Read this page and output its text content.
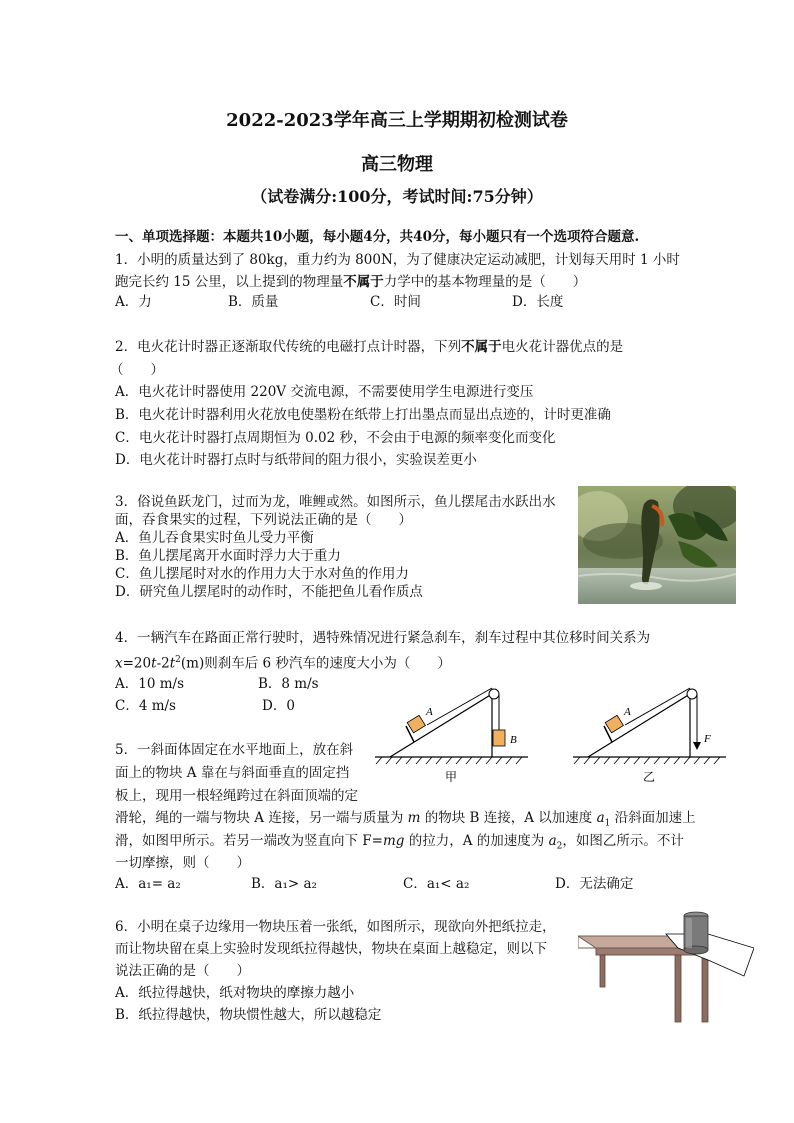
2022-2023学年高三上学期期初检测试卷
高三物理
（试卷满分:100分，考试时间:75分钟）
一、单项选择题：本题共10小题，每小题4分，共40分，每小题只有一个选项符合题意.
1．小明的质量达到了 80kg，重力约为 800N，为了健康决定运动减肥，计划每天用时 1 小时
跑完长约 15 公里，以上提到的物理量不属于力学中的基本物理量的是（　　）
A．力	B．质量	C．时间	D．长度
2．电火花计时器正逐渐取代传统的电磁打点计时器，下列不属于电火花计器优点的是
（　　）
A．电火花计时器使用 220V 交流电源，不需要使用学生电源进行变压
B．电火花计时器利用火花放电使墨粉在纸带上打出墨点而显出点迹的，计时更准确
C．电火花计时器打点周期恒为 0.02 秒，不会由于电源的频率变化而变化
D．电火花计时器打点时与纸带间的阻力很小，实验误差更小
3．俗说鱼跃龙门，过而为龙，唯鲤或然。如图所示，鱼儿摆尾击水跃出水
面，吞食果实的过程，下列说法正确的是（　　）
A．鱼儿吞食果实时鱼儿受力平衡
B．鱼儿摆尾离开水面时浮力大于重力
C．鱼儿摆尾时对水的作用力大于水对鱼的作用力
D．研究鱼儿摆尾时的动作时，不能把鱼儿看作质点
4．一辆汽车在路面正常行驶时，遇特殊情况进行紧急刹车，刹车过程中其位移时间关系为
$x=20t-2t^2(m)$则刹车后 6 秒汽车的速度大小为（　　）
A．10 m/s	B．8 m/s
C．4 m/s	D．0	A
B
甲
A
F
乙
5．一斜面体固定在水平地面上，放在斜
面上的物块 A 靠在与斜面垂直的固定挡
板上，现用一根轻绳跨过在斜面顶端的定
滑轮，绳的一端与物块 A 连接，另一端与质量为 m 的物块 B 连接，A 以加速度 $a_1$ 沿斜面加速上
滑，如图甲所示。若另一端改为竖直向下 F=mg 的拉力，A 的加速度为 $a_2$，如图乙所示。不计
一切摩擦，则（　　）
A．a₁= a₂	B．a₁> a₂	C．a₁< a₂	D．无法确定
6．小明在桌子边缘用一物块压着一张纸，如图所示，现欲向外把纸拉走，
而让物块留在桌上实验时发现纸拉得越快，物块在桌面上越稳定，则以下
说法正确的是（　　）
A．纸拉得越快，纸对物块的摩擦力越小
B．纸拉得越快，物块惯性越大，所以越稳定
